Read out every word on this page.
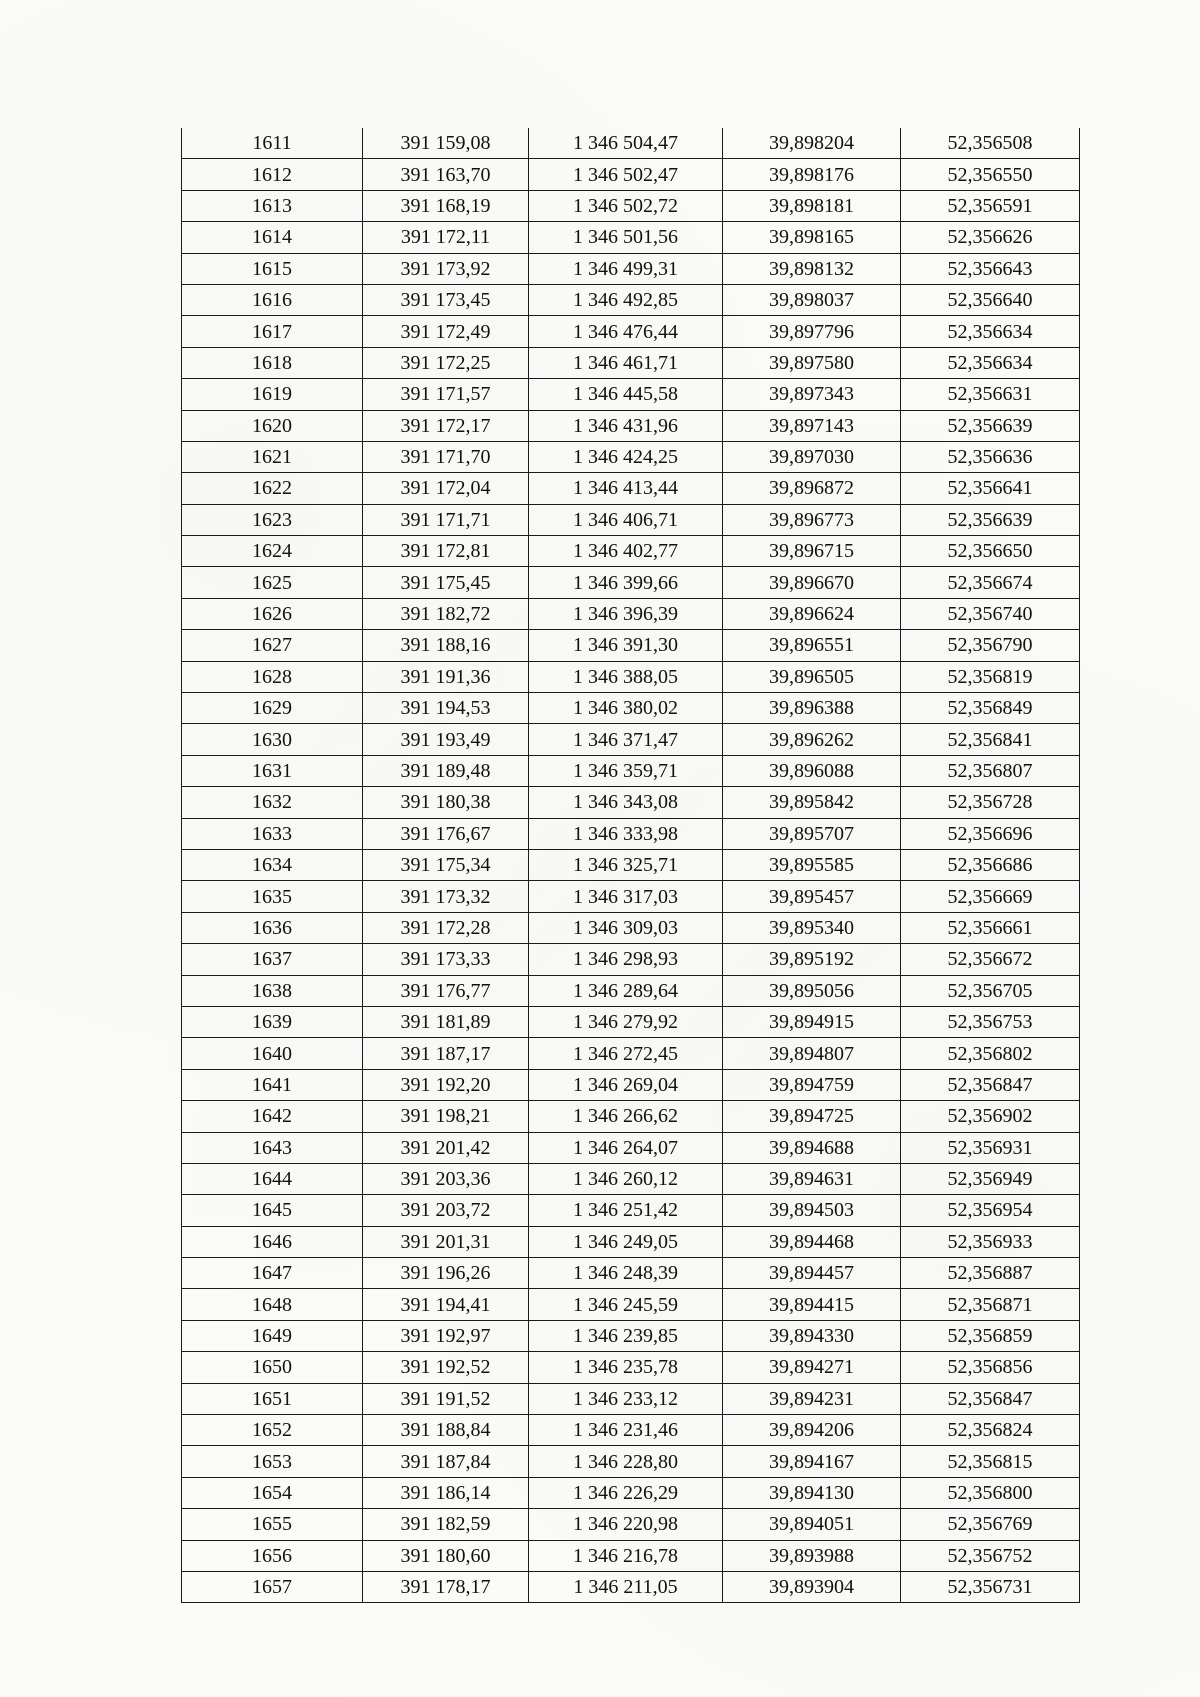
1611	391 159,08	1 346 504,47	39,898204	52,356508
1612	391 163,70	1 346 502,47	39,898176	52,356550
1613	391 168,19	1 346 502,72	39,898181	52,356591
1614	391 172,11	1 346 501,56	39,898165	52,356626
1615	391 173,92	1 346 499,31	39,898132	52,356643
1616	391 173,45	1 346 492,85	39,898037	52,356640
1617	391 172,49	1 346 476,44	39,897796	52,356634
1618	391 172,25	1 346 461,71	39,897580	52,356634
1619	391 171,57	1 346 445,58	39,897343	52,356631
1620	391 172,17	1 346 431,96	39,897143	52,356639
1621	391 171,70	1 346 424,25	39,897030	52,356636
1622	391 172,04	1 346 413,44	39,896872	52,356641
1623	391 171,71	1 346 406,71	39,896773	52,356639
1624	391 172,81	1 346 402,77	39,896715	52,356650
1625	391 175,45	1 346 399,66	39,896670	52,356674
1626	391 182,72	1 346 396,39	39,896624	52,356740
1627	391 188,16	1 346 391,30	39,896551	52,356790
1628	391 191,36	1 346 388,05	39,896505	52,356819
1629	391 194,53	1 346 380,02	39,896388	52,356849
1630	391 193,49	1 346 371,47	39,896262	52,356841
1631	391 189,48	1 346 359,71	39,896088	52,356807
1632	391 180,38	1 346 343,08	39,895842	52,356728
1633	391 176,67	1 346 333,98	39,895707	52,356696
1634	391 175,34	1 346 325,71	39,895585	52,356686
1635	391 173,32	1 346 317,03	39,895457	52,356669
1636	391 172,28	1 346 309,03	39,895340	52,356661
1637	391 173,33	1 346 298,93	39,895192	52,356672
1638	391 176,77	1 346 289,64	39,895056	52,356705
1639	391 181,89	1 346 279,92	39,894915	52,356753
1640	391 187,17	1 346 272,45	39,894807	52,356802
1641	391 192,20	1 346 269,04	39,894759	52,356847
1642	391 198,21	1 346 266,62	39,894725	52,356902
1643	391 201,42	1 346 264,07	39,894688	52,356931
1644	391 203,36	1 346 260,12	39,894631	52,356949
1645	391 203,72	1 346 251,42	39,894503	52,356954
1646	391 201,31	1 346 249,05	39,894468	52,356933
1647	391 196,26	1 346 248,39	39,894457	52,356887
1648	391 194,41	1 346 245,59	39,894415	52,356871
1649	391 192,97	1 346 239,85	39,894330	52,356859
1650	391 192,52	1 346 235,78	39,894271	52,356856
1651	391 191,52	1 346 233,12	39,894231	52,356847
1652	391 188,84	1 346 231,46	39,894206	52,356824
1653	391 187,84	1 346 228,80	39,894167	52,356815
1654	391 186,14	1 346 226,29	39,894130	52,356800
1655	391 182,59	1 346 220,98	39,894051	52,356769
1656	391 180,60	1 346 216,78	39,893988	52,356752
1657	391 178,17	1 346 211,05	39,893904	52,356731
